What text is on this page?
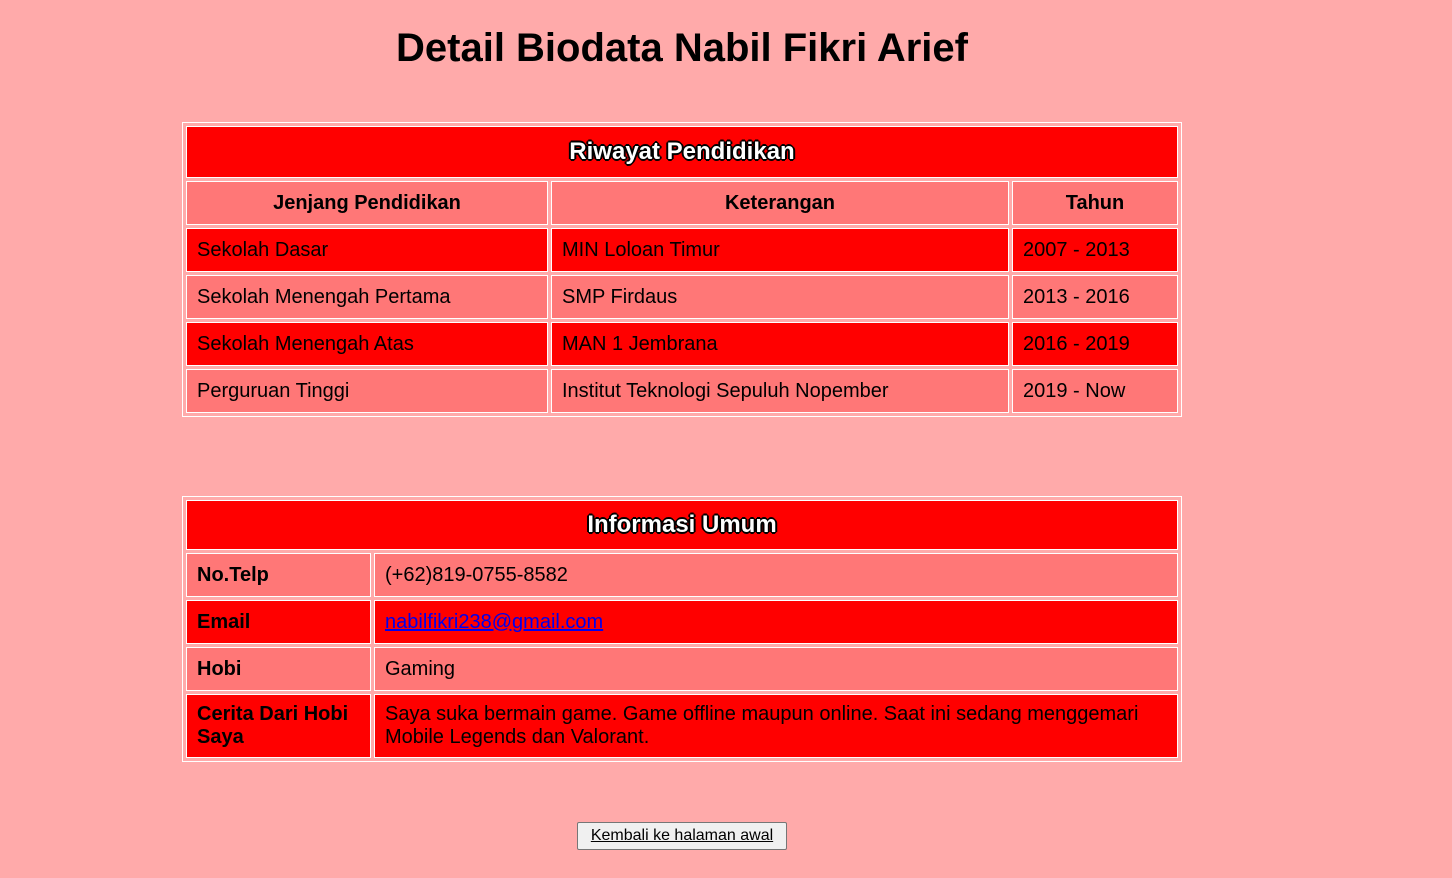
Detail Biodata Nabil Fikri Arief
Riwayat Pendidikan		
Jenjang Pendidikan	Keterangan	Tahun
Sekolah Dasar	MIN Loloan Timur	2007 - 2013
Sekolah Menengah Pertama	SMP Firdaus	2013 - 2016
Sekolah Menengah Atas	MAN 1 Jembrana	2016 - 2019
Perguruan Tinggi	Institut Teknologi Sepuluh Nopember	2019 - Now
Informasi Umum	
No.Telp	(+62)819-0755-8582
Email	nabilfikri238@gmail.com
Hobi	Gaming
Cerita Dari Hobi Saya	Saya suka bermain game. Game offline maupun online. Saat ini sedang menggemari Mobile Legends dan Valorant.
Kembali ke halaman awal
